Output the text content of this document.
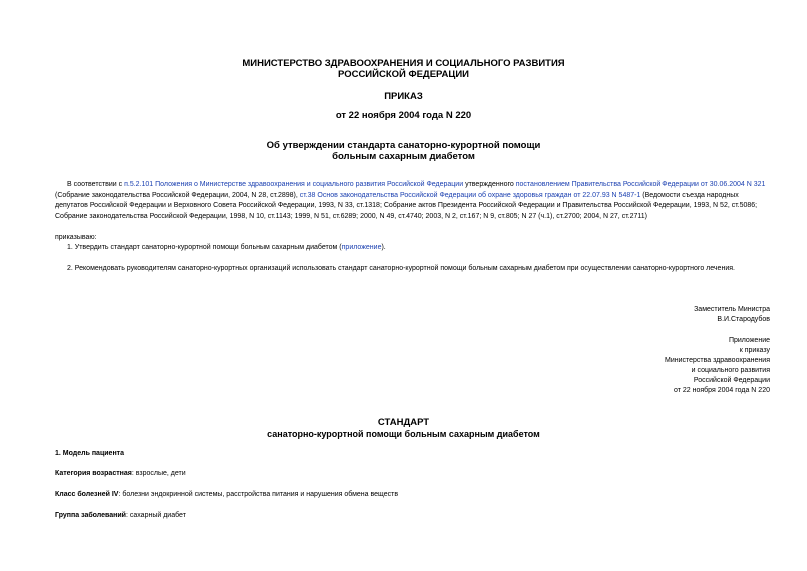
МИНИСТЕРСТВО ЗДРАВООХРАНЕНИЯ И СОЦИАЛЬНОГО РАЗВИТИЯ
РОССИЙСКОЙ ФЕДЕРАЦИИ
ПРИКАЗ
от 22 ноября 2004 года N 220
Об утверждении стандарта санаторно-курортной помощи
больным сахарным диабетом
В соответствии с п.5.2.101 Положения о Министерстве здравоохранения и социального развития Российской Федерации утвержденного постановлением Правительства Российской Федерации от 30.06.2004 N 321 (Собрание законодательства Российской Федерации, 2004, N 28, ст.2898), ст.38 Основ законодательства Российской Федерации об охране здоровья граждан от 22.07.93 N 5487-1 (Ведомости съезда народных депутатов Российской Федерации и Верховного Совета Российской Федерации, 1993, N 33, ст.1318; Собрание актов Президента Российской Федерации и Правительства Российской Федерации, 1993, N 52, ст.5086; Собрание законодательства Российской Федерации, 1998, N 10, ст.1143; 1999, N 51, ст.6289; 2000, N 49, ст.4740; 2003, N 2, ст.167; N 9, ст.805; N 27 (ч.1), ст.2700; 2004, N 27, ст.2711)
приказываю:
1. Утвердить стандарт санаторно-курортной помощи больным сахарным диабетом (приложение).
2. Рекомендовать руководителям санаторно-курортных организаций использовать стандарт санаторно-курортной помощи больным сахарным диабетом при осуществлении санаторно-курортного лечения.
Заместитель Министра
В.И.Стародубов
Приложение
к приказу
Министерства здравоохранения
и социального развития
Российской Федерации
от 22 ноября 2004 года N 220
СТАНДАРТ
санаторно-курортной помощи больным сахарным диабетом
1. Модель пациента
Категория возрастная: взрослые, дети
Класс болезней IV: болезни эндокринной системы, расстройства питания и нарушения обмена веществ
Группа заболеваний: сахарный диабет
